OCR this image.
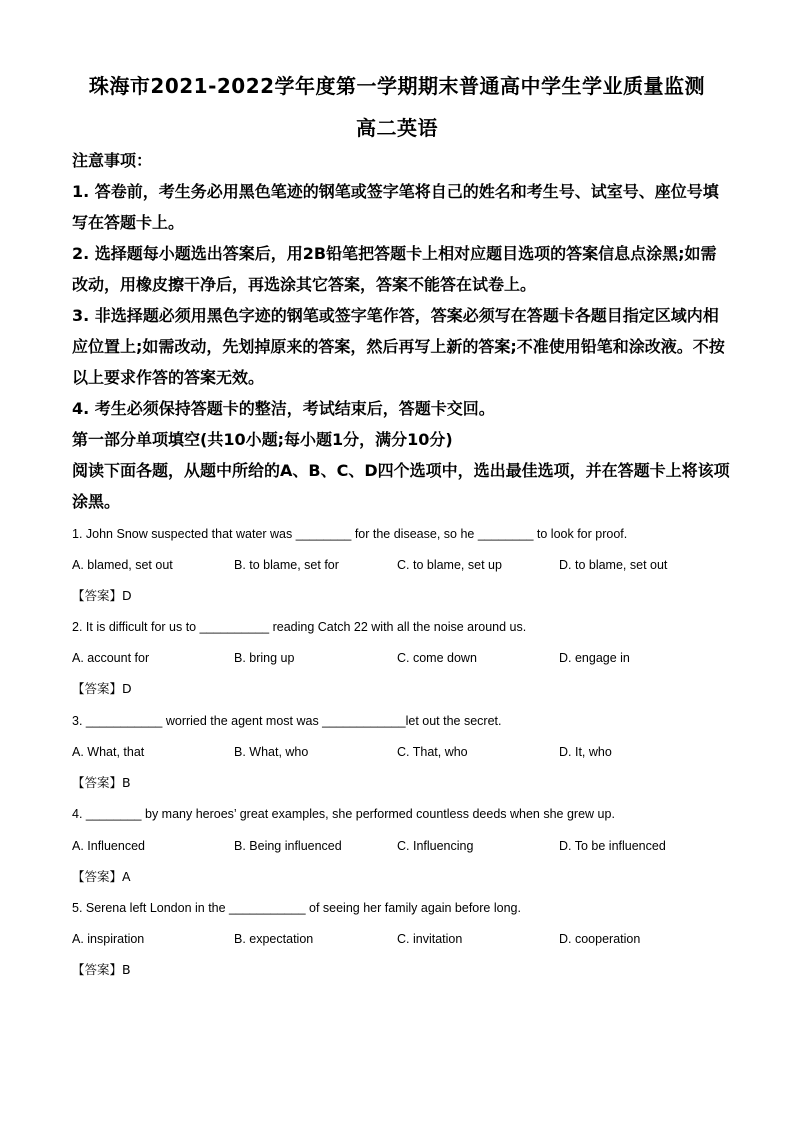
珠海市2021-2022学年度第一学期期末普通高中学生学业质量监测
高二英语
注意事项：
1. 答卷前，考生务必用黑色笔迹的钢笔或签字笔将自己的姓名和考生号、试室号、座位号填
写在答题卡上。
2. 选择题每小题选出答案后，用2B铅笔把答题卡上相对应题目选项的答案信息点涂黑;如需
改动，用橡皮擦干净后，再选涂其它答案，答案不能答在试卷上。
3. 非选择题必须用黑色字迹的钢笔或签字笔作答，答案必须写在答题卡各题目指定区域内相
应位置上;如需改动，先划掉原来的答案，然后再写上新的答案;不准使用铅笔和涂改液。不按
以上要求作答的答案无效。
4. 考生必须保持答题卡的整洁，考试结束后，答题卡交回。
第一部分单项填空(共10小题;每小题1分，满分10分)
阅读下面各题，从题中所给的A、B、C、D四个选项中，选出最佳选项，并在答题卡上将该项
涂黑。
1. John Snow suspected that water was ________ for the disease, so he ________ to look for proof.
A. blamed, set out	B. to blame, set for	C. to blame, set up	D. to blame, set out
【答案】D
2. It is difficult for us to __________ reading Catch 22 with all the noise around us.
A. account for	B. bring up	C. come down	D. engage in
【答案】D
3. ___________ worried the agent most was ____________let out the secret.
A. What, that	B. What, who	C. That, who	D. It, who
【答案】B
4. ________ by many heroes’ great examples, she performed countless deeds when she grew up.
A. Influenced	B. Being influenced	C. Influencing	D. To be influenced
【答案】A
5. Serena left London in the ___________ of seeing her family again before long.
A. inspiration	B. expectation	C. invitation	D. cooperation
【答案】B
